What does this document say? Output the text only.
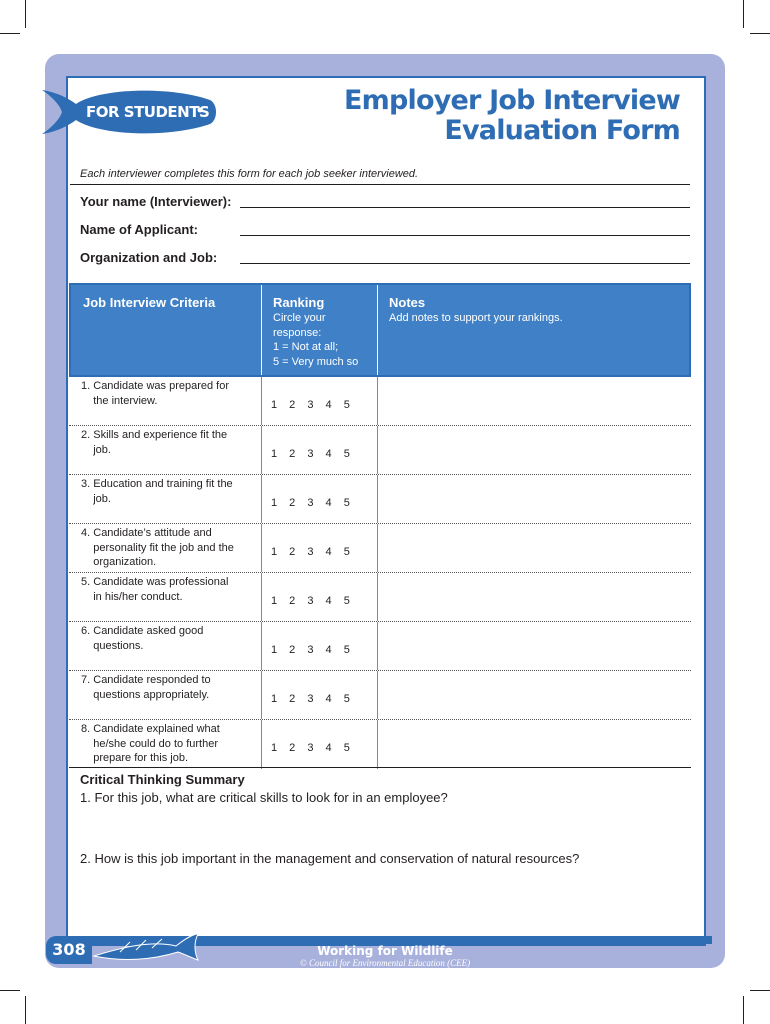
FOR STUDENTS	Employer Job Interview
Evaluation Form
Each interviewer completes this form for each job seeker interviewed.
Your name (Interviewer):
Name of Applicant:
Organization and Job:
Job Interview Criteria	Ranking
Circle your
response:
1 = Not at all;
5 = Very much so
Notes
Add notes to support your rankings.
1. Candidate was prepared for
the interview.	1 2 3 4 5
2. Skills and experience fit the
job.	1 2 3 4 5
3. Education and training fit the
job.	1 2 3 4 5
4. Candidate’s attitude and
personality fit the job and the
organization.
1 2 3 4 5
5. Candidate was professional
in his/her conduct.	1 2 3 4 5
6. Candidate asked good
questions.	1 2 3 4 5
7. Candidate responded to
questions appropriately.	1 2 3 4 5
8. Candidate explained what
he/she could do to further
prepare for this job.
1 2 3 4 5
Critical Thinking Summary
1. For this job, what are critical skills to look for in an employee?
2. How is this job important in the management and conservation of natural resources?
308	Working for Wildlife
© Council for Environmental Education (CEE)
